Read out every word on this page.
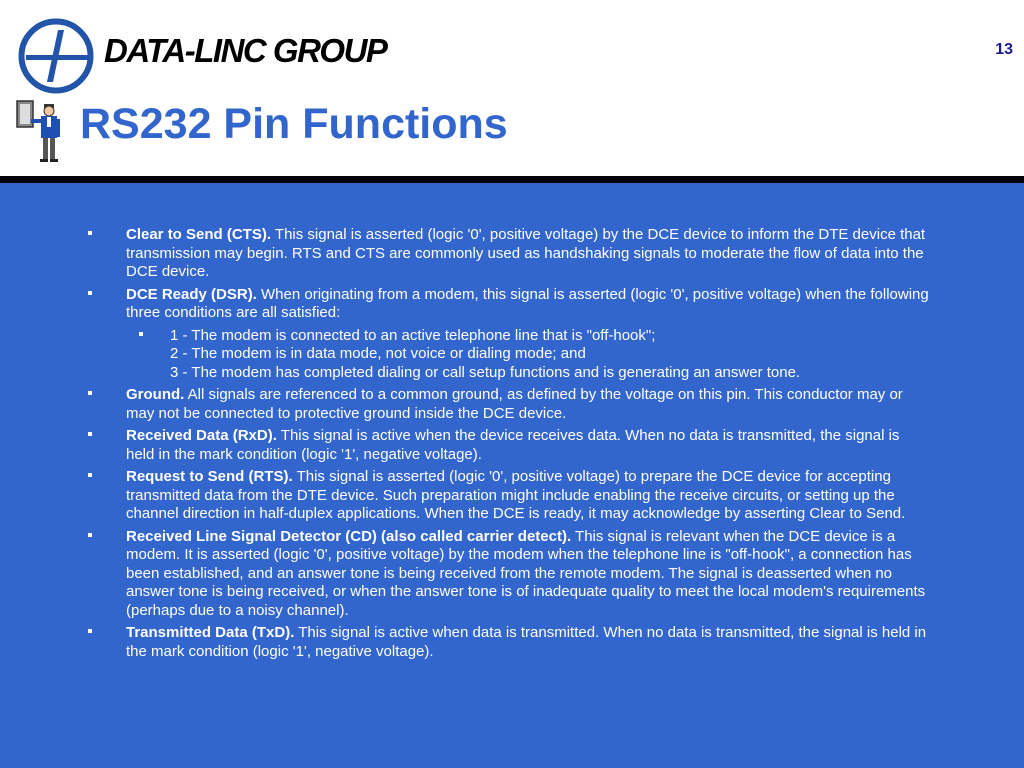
DATA-LINC GROUP	13
RS232 Pin Functions
Clear to Send (CTS). This signal is asserted (logic '0', positive voltage) by the DCE device to inform the DTE device that transmission may begin. RTS and CTS are commonly used as handshaking signals to moderate the flow of data into the DCE device.
DCE Ready (DSR). When originating from a modem, this signal is asserted (logic '0', positive voltage) when the following three conditions are all satisfied:
1 - The modem is connected to an active telephone line that is "off-hook";
2 - The modem is in data mode, not voice or dialing mode; and
3 - The modem has completed dialing or call setup functions and is generating an answer tone.
Ground. All signals are referenced to a common ground, as defined by the voltage on this pin. This conductor may or may not be connected to protective ground inside the DCE device.
Received Data (RxD). This signal is active when the device receives data. When no data is transmitted, the signal is held in the mark condition (logic '1', negative voltage).
Request to Send (RTS). This signal is asserted (logic '0', positive voltage) to prepare the DCE device for accepting transmitted data from the DTE device. Such preparation might include enabling the receive circuits, or setting up the channel direction in half-duplex applications. When the DCE is ready, it may acknowledge by asserting Clear to Send.
Received Line Signal Detector (CD) (also called carrier detect). This signal is relevant when the DCE device is a modem. It is asserted (logic '0', positive voltage) by the modem when the telephone line is "off-hook", a connection has been established, and an answer tone is being received from the remote modem. The signal is deasserted when no answer tone is being received, or when the answer tone is of inadequate quality to meet the local modem's requirements (perhaps due to a noisy channel).
Transmitted Data (TxD). This signal is active when data is transmitted. When no data is transmitted, the signal is held in the mark condition (logic '1', negative voltage).
